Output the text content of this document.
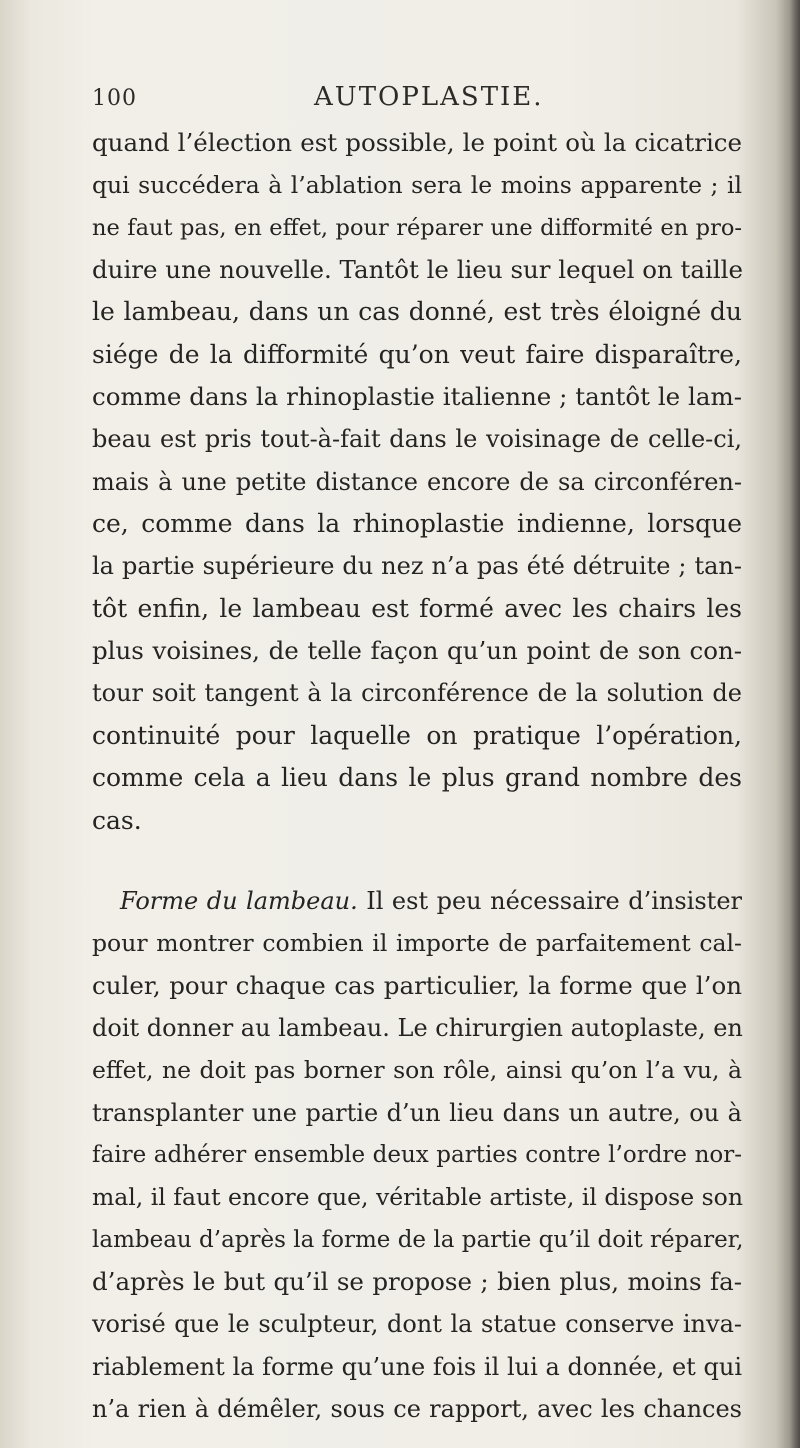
100	AUTOPLASTIE.
quand l’élection est possible, le point où la cicatrice
qui succédera à l’ablation sera le moins apparente ; il
ne faut pas, en effet, pour réparer une difformité en pro-
duire une nouvelle. Tantôt le lieu sur lequel on taille
le lambeau, dans un cas donné, est très éloigné du
siége de la difformité qu’on veut faire disparaître,
comme dans la rhinoplastie italienne ; tantôt le lam-
beau est pris tout-à-fait dans le voisinage de celle-ci,
mais à une petite distance encore de sa circonféren-
ce, comme dans la rhinoplastie indienne, lorsque
la partie supérieure du nez n’a pas été détruite ; tan-
tôt enfin, le lambeau est formé avec les chairs les
plus voisines, de telle façon qu’un point de son con-
tour soit tangent à la circonférence de la solution de
continuité pour laquelle on pratique l’opération,
comme cela a lieu dans le plus grand nombre des
cas.
Forme du lambeau. Il est peu nécessaire d’insister
pour montrer combien il importe de parfaitement cal-
culer, pour chaque cas particulier, la forme que l’on
doit donner au lambeau. Le chirurgien autoplaste, en
effet, ne doit pas borner son rôle, ainsi qu’on l’a vu, à
transplanter une partie d’un lieu dans un autre, ou à
faire adhérer ensemble deux parties contre l’ordre nor-
mal, il faut encore que, véritable artiste, il dispose son
lambeau d’après la forme de la partie qu’il doit réparer,
d’après le but qu’il se propose ; bien plus, moins fa-
vorisé que le sculpteur, dont la statue conserve inva-
riablement la forme qu’une fois il lui a donnée, et qui
n’a rien à démêler, sous ce rapport, avec les chances
